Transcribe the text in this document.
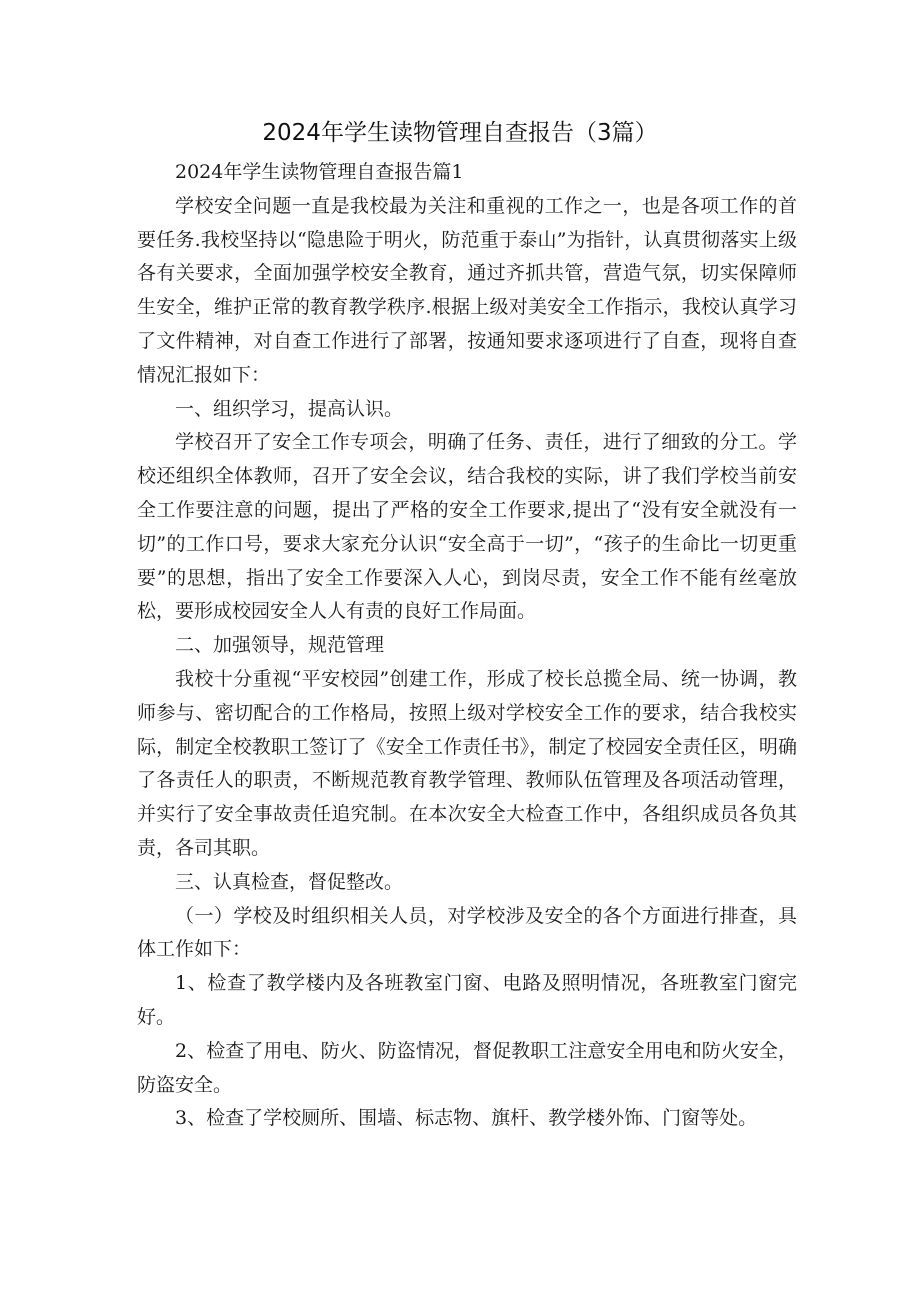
2024年学生读物管理自查报告（3篇）

2024年学生读物管理自查报告篇1

学校安全问题一直是我校最为关注和重视的工作之一，也是各项工作的首要任务.我校坚持以“隐患险于明火，防范重于泰山”为指针，认真贯彻落实上级各有关要求，全面加强学校安全教育，通过齐抓共管，营造气氛，切实保障师生安全，维护正常的教育教学秩序.根据上级对美安全工作指示，我校认真学习了文件精神，对自查工作进行了部署，按通知要求逐项进行了自查，现将自查情况汇报如下：

一、组织学习，提高认识。

学校召开了安全工作专项会，明确了任务、责任，进行了细致的分工。学校还组织全体教师，召开了安全会议，结合我校的实际，讲了我们学校当前安全工作要注意的问题，提出了严格的安全工作要求,提出了“没有安全就没有一切”的工作口号，要求大家充分认识“安全高于一切”，“孩子的生命比一切更重要”的思想，指出了安全工作要深入人心，到岗尽责，安全工作不能有丝毫放松，要形成校园安全人人有责的良好工作局面。

二、加强领导，规范管理

我校十分重视“平安校园”创建工作，形成了校长总揽全局、统一协调，教师参与、密切配合的工作格局，按照上级对学校安全工作的要求，结合我校实际，制定全校教职工签订了《安全工作责任书》，制定了校园安全责任区，明确了各责任人的职责，不断规范教育教学管理、教师队伍管理及各项活动管理，并实行了安全事故责任追究制。在本次安全大检查工作中，各组织成员各负其责，各司其职。

三、认真检查，督促整改。

（一）学校及时组织相关人员，对学校涉及安全的各个方面进行排查，具体工作如下：

1、检查了教学楼内及各班教室门窗、电路及照明情况，各班教室门窗完好。

2、检查了用电、防火、防盗情况，督促教职工注意安全用电和防火安全，防盗安全。

3、检查了学校厕所、围墙、标志物、旗杆、教学楼外饰、门窗等处。
